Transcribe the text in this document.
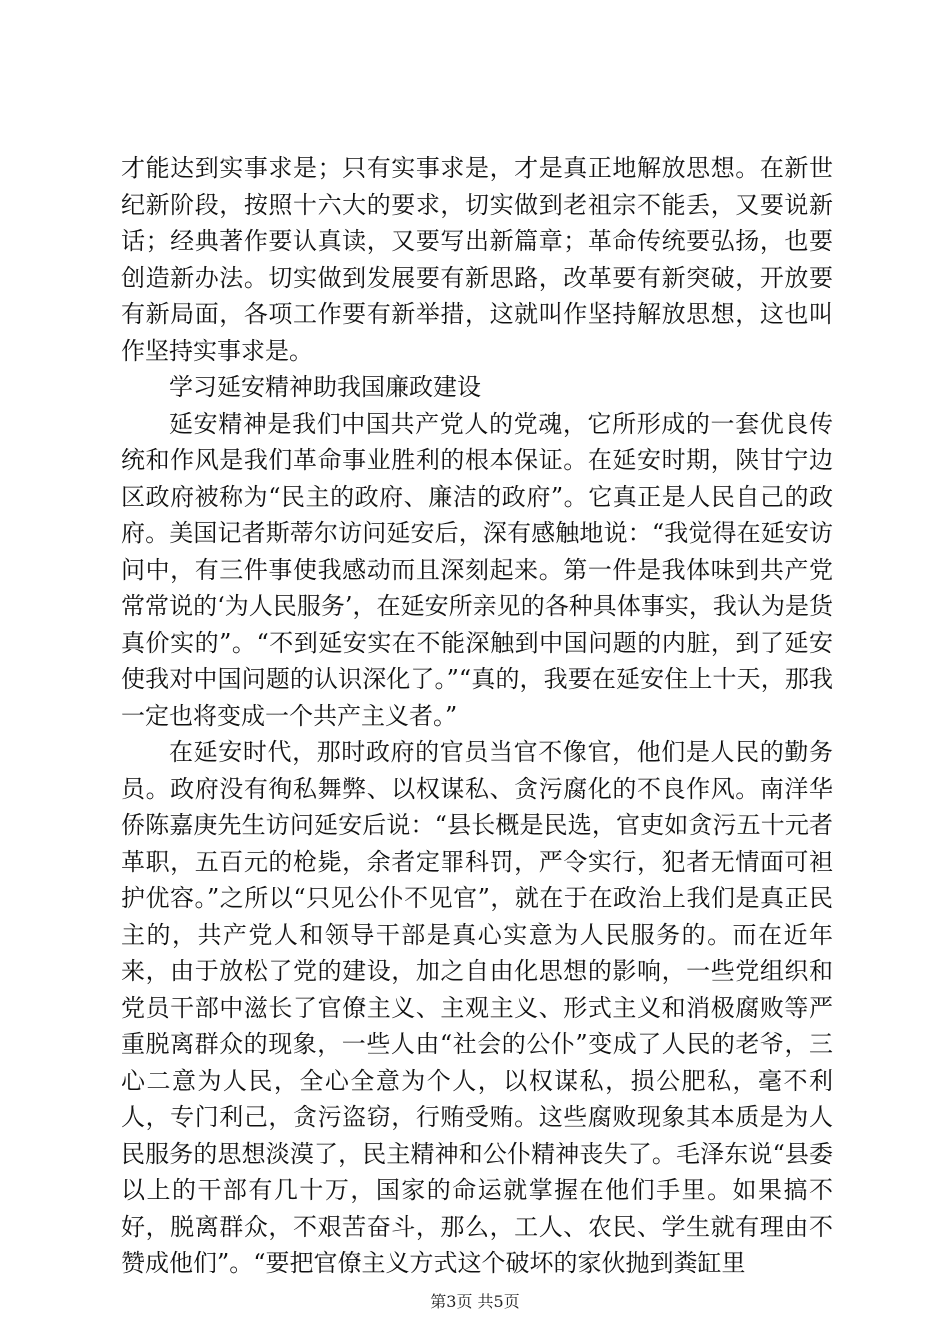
才能达到实事求是；只有实事求是，才是真正地解放思想。在新世纪新阶段，按照十六大的要求，切实做到老祖宗不能丢，又要说新话；经典著作要认真读，又要写出新篇章；革命传统要弘扬，也要创造新办法。切实做到发展要有新思路，改革要有新突破，开放要有新局面，各项工作要有新举措，这就叫作坚持解放思想，这也叫作坚持实事求是。

学习延安精神助我国廉政建设

延安精神是我们中国共产党人的党魂，它所形成的一套优良传统和作风是我们革命事业胜利的根本保证。在延安时期，陕甘宁边区政府被称为“民主的政府、廉洁的政府”。它真正是人民自己的政府。美国记者斯蒂尔访问延安后，深有感触地说：“我觉得在延安访问中，有三件事使我感动而且深刻起来。第一件是我体味到共产党常常说的‘为人民服务’，在延安所亲见的各种具体事实，我认为是货真价实的”。“不到延安实在不能深触到中国问题的内脏，到了延安使我对中国问题的认识深化了。”“真的，我要在延安住上十天，那我一定也将变成一个共产主义者。”

在延安时代，那时政府的官员当官不像官，他们是人民的勤务员。政府没有徇私舞弊、以权谋私、贪污腐化的不良作风。南洋华侨陈嘉庚先生访问延安后说：“县长概是民选，官吏如贪污五十元者革职，五百元的枪毙，余者定罪科罚，严令实行，犯者无情面可袒护优容。”之所以“只见公仆不见官”，就在于在政治上我们是真正民主的，共产党人和领导干部是真心实意为人民服务的。而在近年来，由于放松了党的建设，加之自由化思想的影响，一些党组织和党员干部中滋长了官僚主义、主观主义、形式主义和消极腐败等严重脱离群众的现象，一些人由“社会的公仆”变成了人民的老爷，三心二意为人民，全心全意为个人，以权谋私，损公肥私，毫不利人，专门利己，贪污盗窃，行贿受贿。这些腐败现象其本质是为人民服务的思想淡漠了，民主精神和公仆精神丧失了。毛泽东说“县委以上的干部有几十万，国家的命运就掌握在他们手里。如果搞不好，脱离群众，不艰苦奋斗，那么，工人、农民、学生就有理由不赞成他们”。“要把官僚主义方式这个破坏的家伙抛到粪缸里

第3页 共5页
